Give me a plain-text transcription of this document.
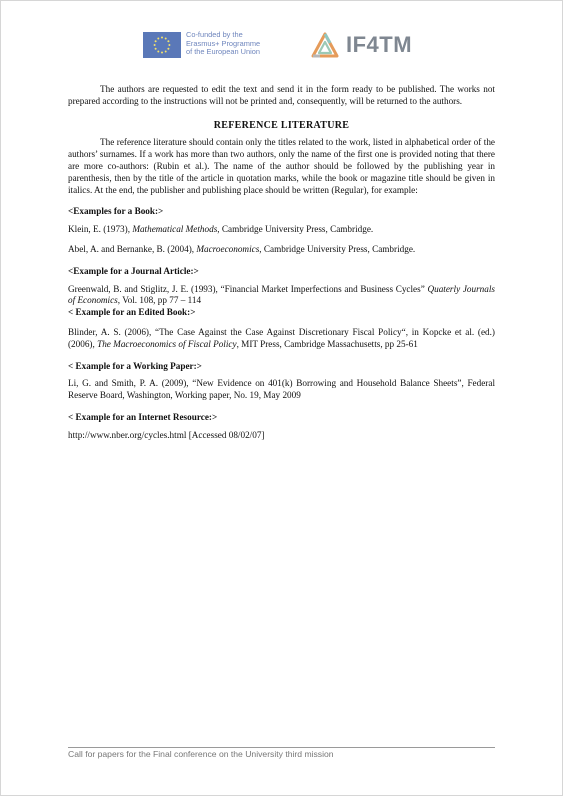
Co-funded by the
Erasmus+ Programme
of the European Union	IF4TM

The authors are requested to edit the text and send it in the form ready to be published. The works not prepared according to the instructions will not be printed and, consequently, will be returned to the authors.

REFERENCE LITERATURE

The reference literature should contain only the titles related to the work, listed in alphabetical order of the authors’ surnames. If a work has more than two authors, only the name of the first one is provided noting that there are more co-authors: (Rubin et al.). The name of the author should be followed by the publishing year in parenthesis, then by the title of the article in quotation marks, while the book or magazine title should be given in italics. At the end, the publisher and publishing place should be written (Regular), for example:

<Examples for a Book:>

Klein, E. (1973), Mathematical Methods, Cambridge University Press, Cambridge.

Abel, A. and Bernanke, B. (2004), Macroeconomics, Cambridge University Press, Cambridge.

<Example for a Journal Article:>

Greenwald, B. and Stiglitz, J. E. (1993), “Financial Market Imperfections and Business Cycles” Quaterly Journals of Economics, Vol. 108, pp 77 – 114

< Example for an Edited Book:>

Blinder, A. S. (2006), “The Case Against the Case Against Discretionary Fiscal Policy“, in Kopcke et al. (ed.) (2006), The Macroeconomics of Fiscal Policy, MIT Press, Cambridge Massachusetts, pp 25-61

< Example for a Working Paper:>

Li, G. and Smith, P. A. (2009), “New Evidence on 401(k) Borrowing and Household Balance Sheets”, Federal Reserve Board, Washington, Working paper, No. 19, May 2009

< Example for an Internet Resource:>

http://www.nber.org/cycles.html [Accessed 08/02/07]

Call for papers for the Final conference on the University third mission
